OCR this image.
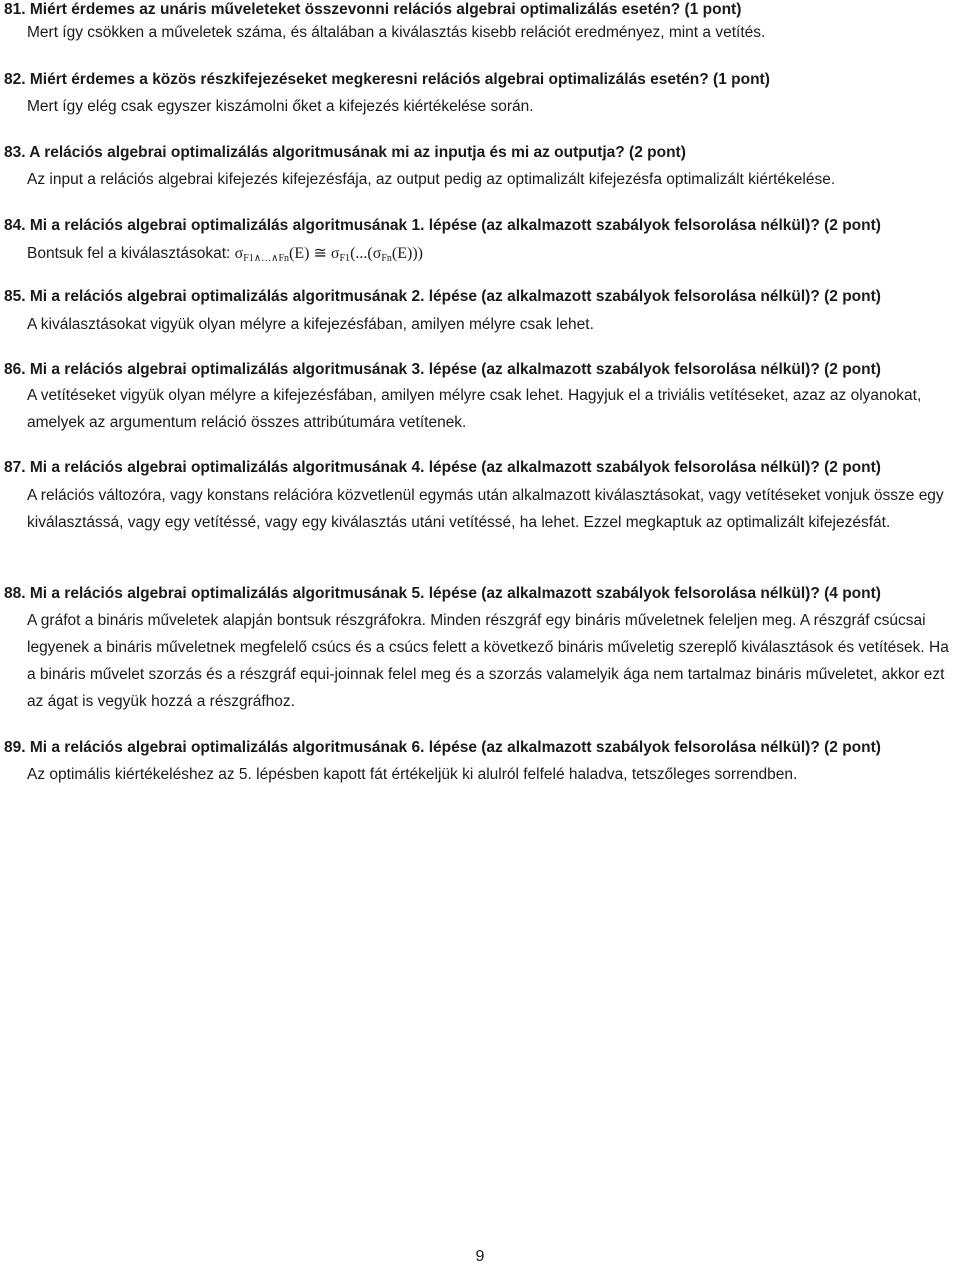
81. Miért érdemes az unáris műveleteket összevonni relációs algebrai optimalizálás esetén? (1 pont)
Mert így csökken a műveletek száma, és általában a kiválasztás kisebb relációt eredményez, mint a vetítés.
82. Miért érdemes a közös részkifejezéseket megkeresni relációs algebrai optimalizálás esetén? (1 pont)
Mert így elég csak egyszer kiszámolni őket a kifejezés kiértékelése során.
83. A relációs algebrai optimalizálás algoritmusának mi az inputja és mi az outputja? (2 pont)
Az input a relációs algebrai kifejezés kifejezésfája, az output pedig az optimalizált kifejezésfa optimalizált kiértékelése.
84. Mi a relációs algebrai optimalizálás algoritmusának 1. lépése (az alkalmazott szabályok felsorolása nélkül)? (2 pont)
Bontsuk fel a kiválasztásokat: $\sigma_{F1\wedge\dots\wedge Fn}(E)$ ≅ $\sigma_{F1}(...(\sigma_{Fn}(E)))$
85. Mi a relációs algebrai optimalizálás algoritmusának 2. lépése (az alkalmazott szabályok felsorolása nélkül)? (2 pont)
A kiválasztásokat vigyük olyan mélyre a kifejezésfában, amilyen mélyre csak lehet.
86. Mi a relációs algebrai optimalizálás algoritmusának 3. lépése (az alkalmazott szabályok felsorolása nélkül)? (2 pont)
A vetítéseket vigyük olyan mélyre a kifejezésfában, amilyen mélyre csak lehet. Hagyjuk el a triviális vetítéseket, azaz az olyanokat, amelyek az argumentum reláció összes attribútumára vetítenek.
87. Mi a relációs algebrai optimalizálás algoritmusának 4. lépése (az alkalmazott szabályok felsorolása nélkül)? (2 pont)
A relációs változóra, vagy konstans relációra közvetlenül egymás után alkalmazott kiválasztásokat, vagy vetítéseket vonjuk össze egy kiválasztássá, vagy egy vetítéssé, vagy egy kiválasztás utáni vetítéssé, ha lehet. Ezzel megkaptuk az optimalizált kifejezésfát.
88. Mi a relációs algebrai optimalizálás algoritmusának 5. lépése (az alkalmazott szabályok felsorolása nélkül)? (4 pont)
A gráfot a bináris műveletek alapján bontsuk részgráfokra. Minden részgráf egy bináris műveletnek feleljen meg. A részgráf csúcsai legyenek a bináris műveletnek megfelelő csúcs és a csúcs felett a következő bináris műveletig szereplő kiválasztások és vetítések. Ha a bináris művelet szorzás és a részgráf equi-joinnak felel meg és a szorzás valamelyik ága nem tartalmaz bináris műveletet, akkor ezt az ágat is vegyük hozzá a részgráfhoz.
89. Mi a relációs algebrai optimalizálás algoritmusának 6. lépése (az alkalmazott szabályok felsorolása nélkül)? (2 pont)
Az optimális kiértékeléshez az 5. lépésben kapott fát értékeljük ki alulról felfelé haladva, tetszőleges sorrendben.
9
